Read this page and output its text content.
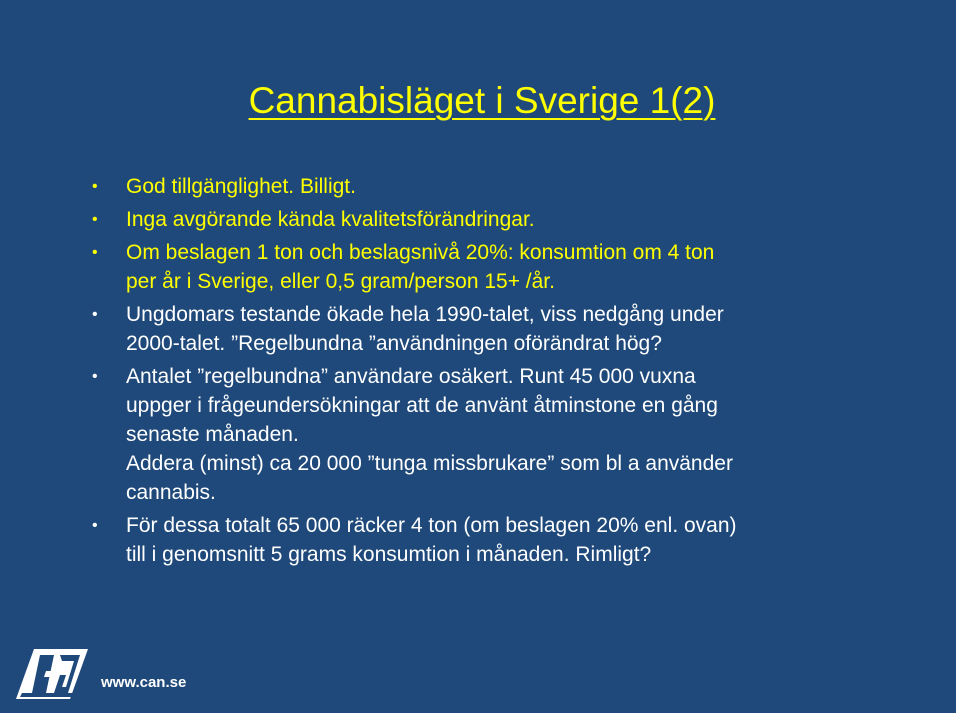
Cannabisläget i Sverige 1(2)
• God tillgänglighet. Billigt.
• Inga avgörande kända kvalitetsförändringar.
• Om beslagen 1 ton och beslagsnivå 20%: konsumtion om 4 ton
per år i Sverige, eller 0,5 gram/person 15+ /år.
• Ungdomars testande ökade hela 1990-talet, viss nedgång under
2000-talet. ”Regelbundna ”användningen oförändrat hög?
• Antalet ”regelbundna” användare osäkert. Runt 45 000 vuxna
uppger i frågeundersökningar att de använt åtminstone en gång
senaste månaden.
Addera (minst) ca 20 000 ”tunga missbrukare” som bl a använder
cannabis.
• För dessa totalt 65 000 räcker 4 ton (om beslagen 20% enl. ovan)
till i genomsnitt 5 grams konsumtion i månaden. Rimligt?
www.can.se
